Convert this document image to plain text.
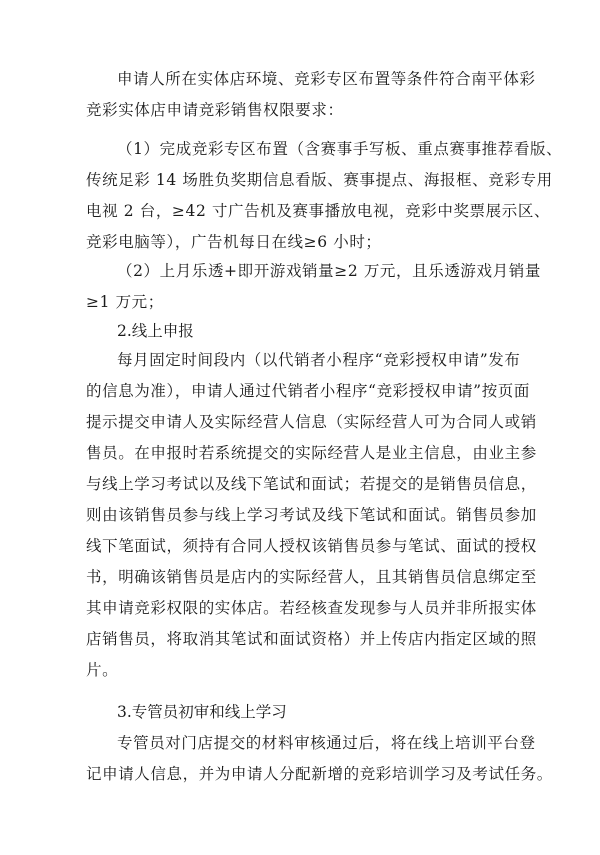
申请人所在实体店环境、竞彩专区布置等条件符合南平体彩
竞彩实体店申请竞彩销售权限要求：

（1）完成竞彩专区布置（含赛事手写板、重点赛事推荐看版、
传统足彩 14 场胜负奖期信息看版、赛事提点、海报框、竞彩专用
电视 2 台，≥42 寸广告机及赛事播放电视，竞彩中奖票展示区、
竞彩电脑等），广告机每日在线≥6 小时；

（2）上月乐透+即开游戏销量≥2 万元，且乐透游戏月销量
≥1 万元；

2.线上申报

每月固定时间段内（以代销者小程序“竞彩授权申请”发布
的信息为准），申请人通过代销者小程序“竞彩授权申请”按页面
提示提交申请人及实际经营人信息（实际经营人可为合同人或销
售员。在申报时若系统提交的实际经营人是业主信息，由业主参
与线上学习考试以及线下笔试和面试；若提交的是销售员信息，
则由该销售员参与线上学习考试及线下笔试和面试。销售员参加
线下笔面试，须持有合同人授权该销售员参与笔试、面试的授权
书，明确该销售员是店内的实际经营人，且其销售员信息绑定至
其申请竞彩权限的实体店。若经核查发现参与人员并非所报实体
店销售员，将取消其笔试和面试资格）并上传店内指定区域的照
片。

3.专管员初审和线上学习

专管员对门店提交的材料审核通过后，将在线上培训平台登
记申请人信息，并为申请人分配新增的竞彩培训学习及考试任务。
